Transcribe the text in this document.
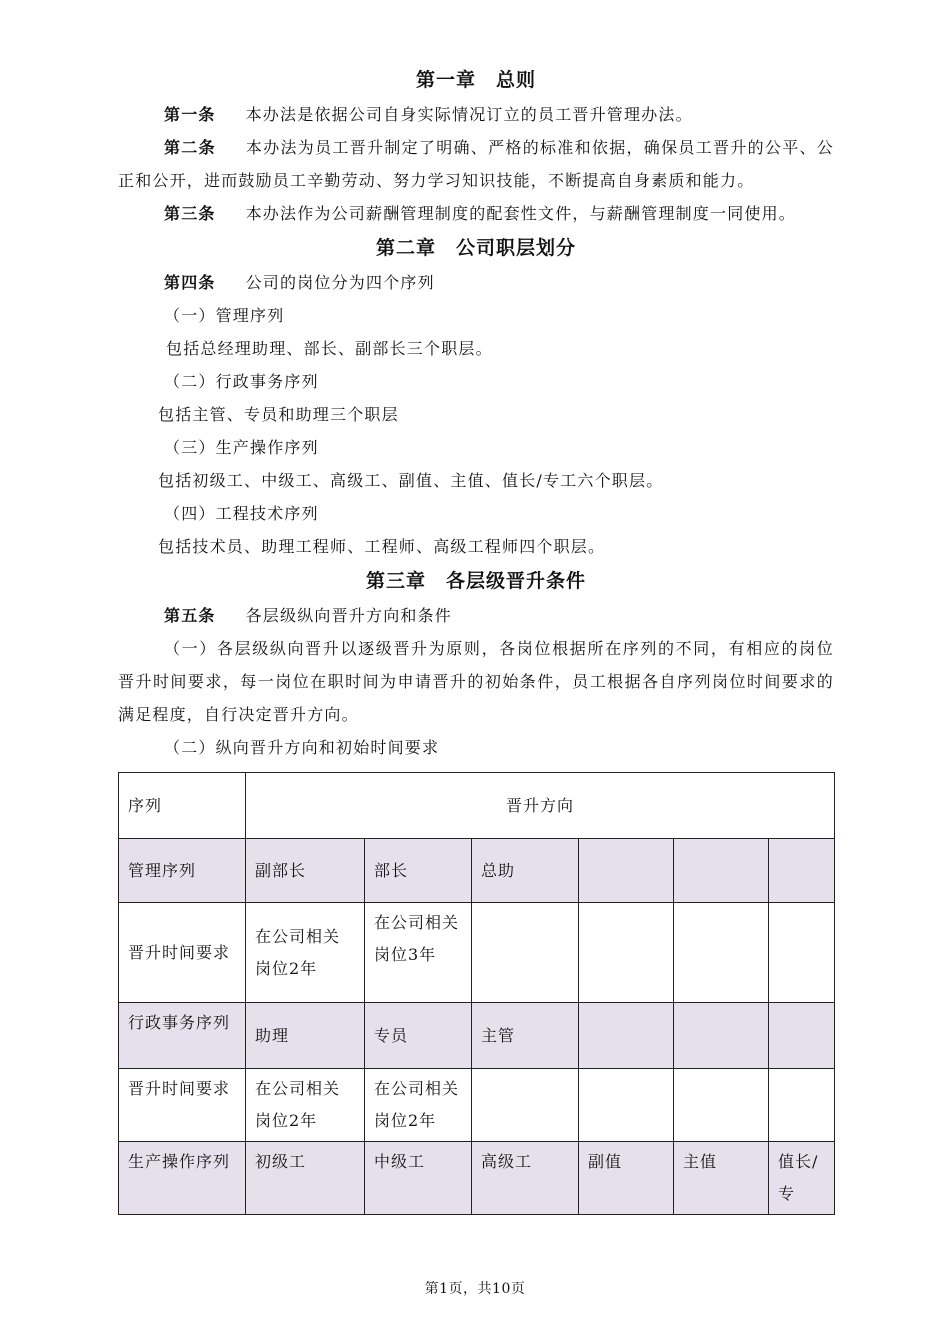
第一章　总则
第一条 本办法是依据公司自身实际情况订立的员工晋升管理办法。
第二条 本办法为员工晋升制定了明确、严格的标准和依据，确保员工晋升的公平、公正和公开，进而鼓励员工辛勤劳动、努力学习知识技能，不断提高自身素质和能力。
第三条 本办法作为公司薪酬管理制度的配套性文件，与薪酬管理制度一同使用。
第二章　公司职层划分
第四条 公司的岗位分为四个序列
（一）管理序列
包括总经理助理、部长、副部长三个职层。
（二）行政事务序列
包括主管、专员和助理三个职层
（三）生产操作序列
包括初级工、中级工、高级工、副值、主值、值长/专工六个职层。
（四）工程技术序列
包括技术员、助理工程师、工程师、高级工程师四个职层。
第三章　各层级晋升条件
第五条 各层级纵向晋升方向和条件
（一）各层级纵向晋升以逐级晋升为原则，各岗位根据所在序列的不同，有相应的岗位晋升时间要求，每一岗位在职时间为申请晋升的初始条件，员工根据各自序列岗位时间要求的满足程度，自行决定晋升方向。
（二）纵向晋升方向和初始时间要求
序列	晋升方向					
管理序列	副部长	部长	总助			
晋升时间要求	在公司相关岗位2年	在公司相关岗位3年				
行政事务序列	助理	专员	主管			
晋升时间要求	在公司相关岗位2年	在公司相关岗位2年				
生产操作序列	初级工	中级工	高级工	副值	主值	值长/专
第1页，共10页
